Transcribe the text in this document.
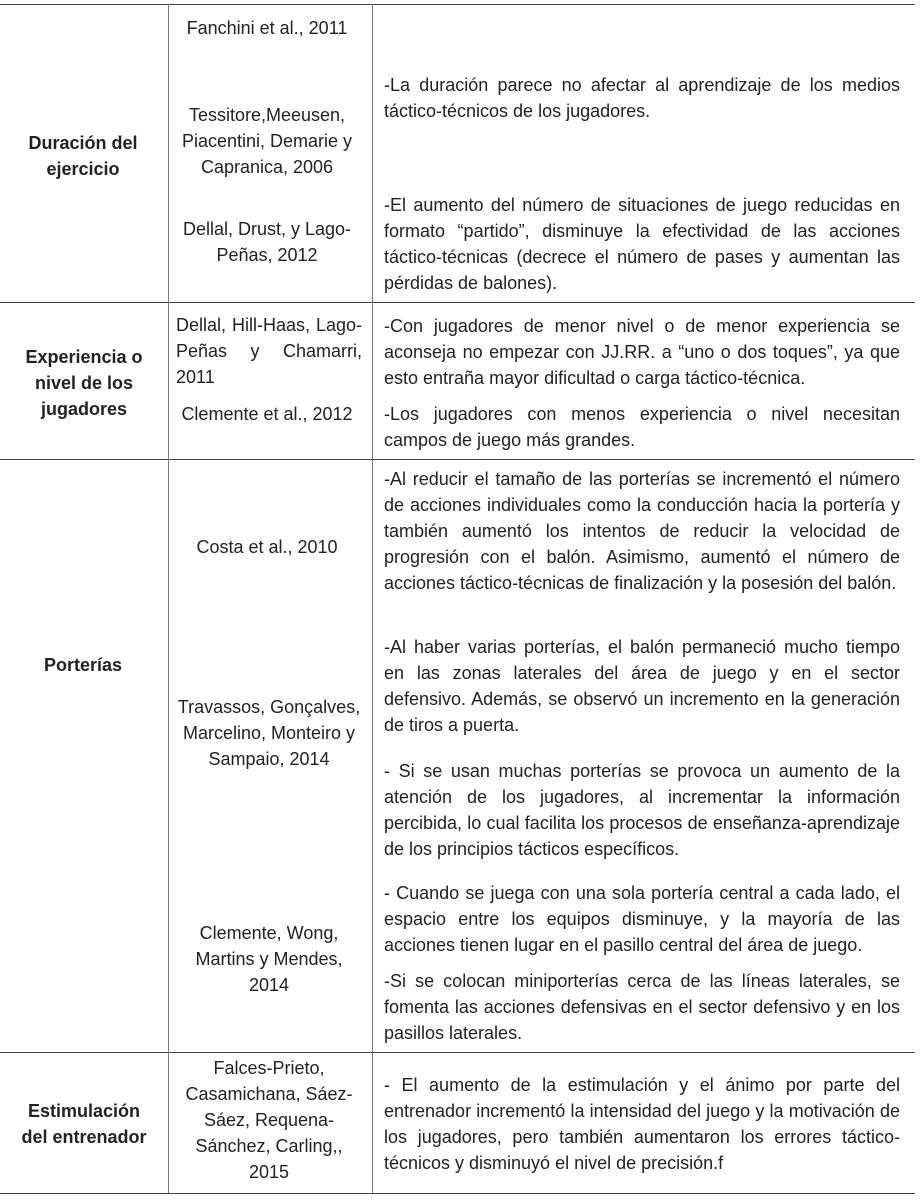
Duración del ejercicio
Fanchini et al., 2011
Tessitore,Meeusen, Piacentini, Demarie y Capranica, 2006
Dellal, Drust, y Lago-Peñas, 2012
-La duración parece no afectar al aprendizaje de los medios táctico-técnicos de los jugadores.
-El aumento del número de situaciones de juego reducidas en formato “partido”, disminuye la efectividad de las acciones táctico-técnicas (decrece el número de pases y aumentan las pérdidas de balones).
Experiencia o nivel de los jugadores
Dellal, Hill-Haas, Lago-Peñas y Chamarri, 2011
Clemente et al., 2012
-Con jugadores de menor nivel o de menor experiencia se aconseja no empezar con JJ.RR. a “uno o dos toques”, ya que esto entraña mayor dificultad o carga táctico-técnica.
-Los jugadores con menos experiencia o nivel necesitan campos de juego más grandes.
Porterías
Costa et al., 2010
Travassos, Gonçalves, Marcelino, Monteiro y Sampaio, 2014
Clemente, Wong, Martins y Mendes, 2014
-Al reducir el tamaño de las porterías se incrementó el número de acciones individuales como la conducción hacia la portería y también aumentó los intentos de reducir la velocidad de progresión con el balón. Asimismo, aumentó el número de acciones táctico-técnicas de finalización y la posesión del balón.
-Al haber varias porterías, el balón permaneció mucho tiempo en las zonas laterales del área de juego y en el sector defensivo. Además, se observó un incremento en la generación de tiros a puerta.
- Si se usan muchas porterías se provoca un aumento de la atención de los jugadores, al incrementar la información percibida, lo cual facilita los procesos de enseñanza-aprendizaje de los principios tácticos específicos.
- Cuando se juega con una sola portería central a cada lado, el espacio entre los equipos disminuye, y la mayoría de las acciones tienen lugar en el pasillo central del área de juego.
-Si se colocan miniporterías cerca de las líneas laterales, se fomenta las acciones defensivas en el sector defensivo y en los pasillos laterales.
Estimulación del entrenador
Falces-Prieto, Casamichana, Sáez-Sáez, Requena-Sánchez, Carling,, 2015
- El aumento de la estimulación y el ánimo por parte del entrenador incrementó la intensidad del juego y la motivación de los jugadores, pero también aumentaron los errores táctico-técnicos y disminuyó el nivel de precisión.f
